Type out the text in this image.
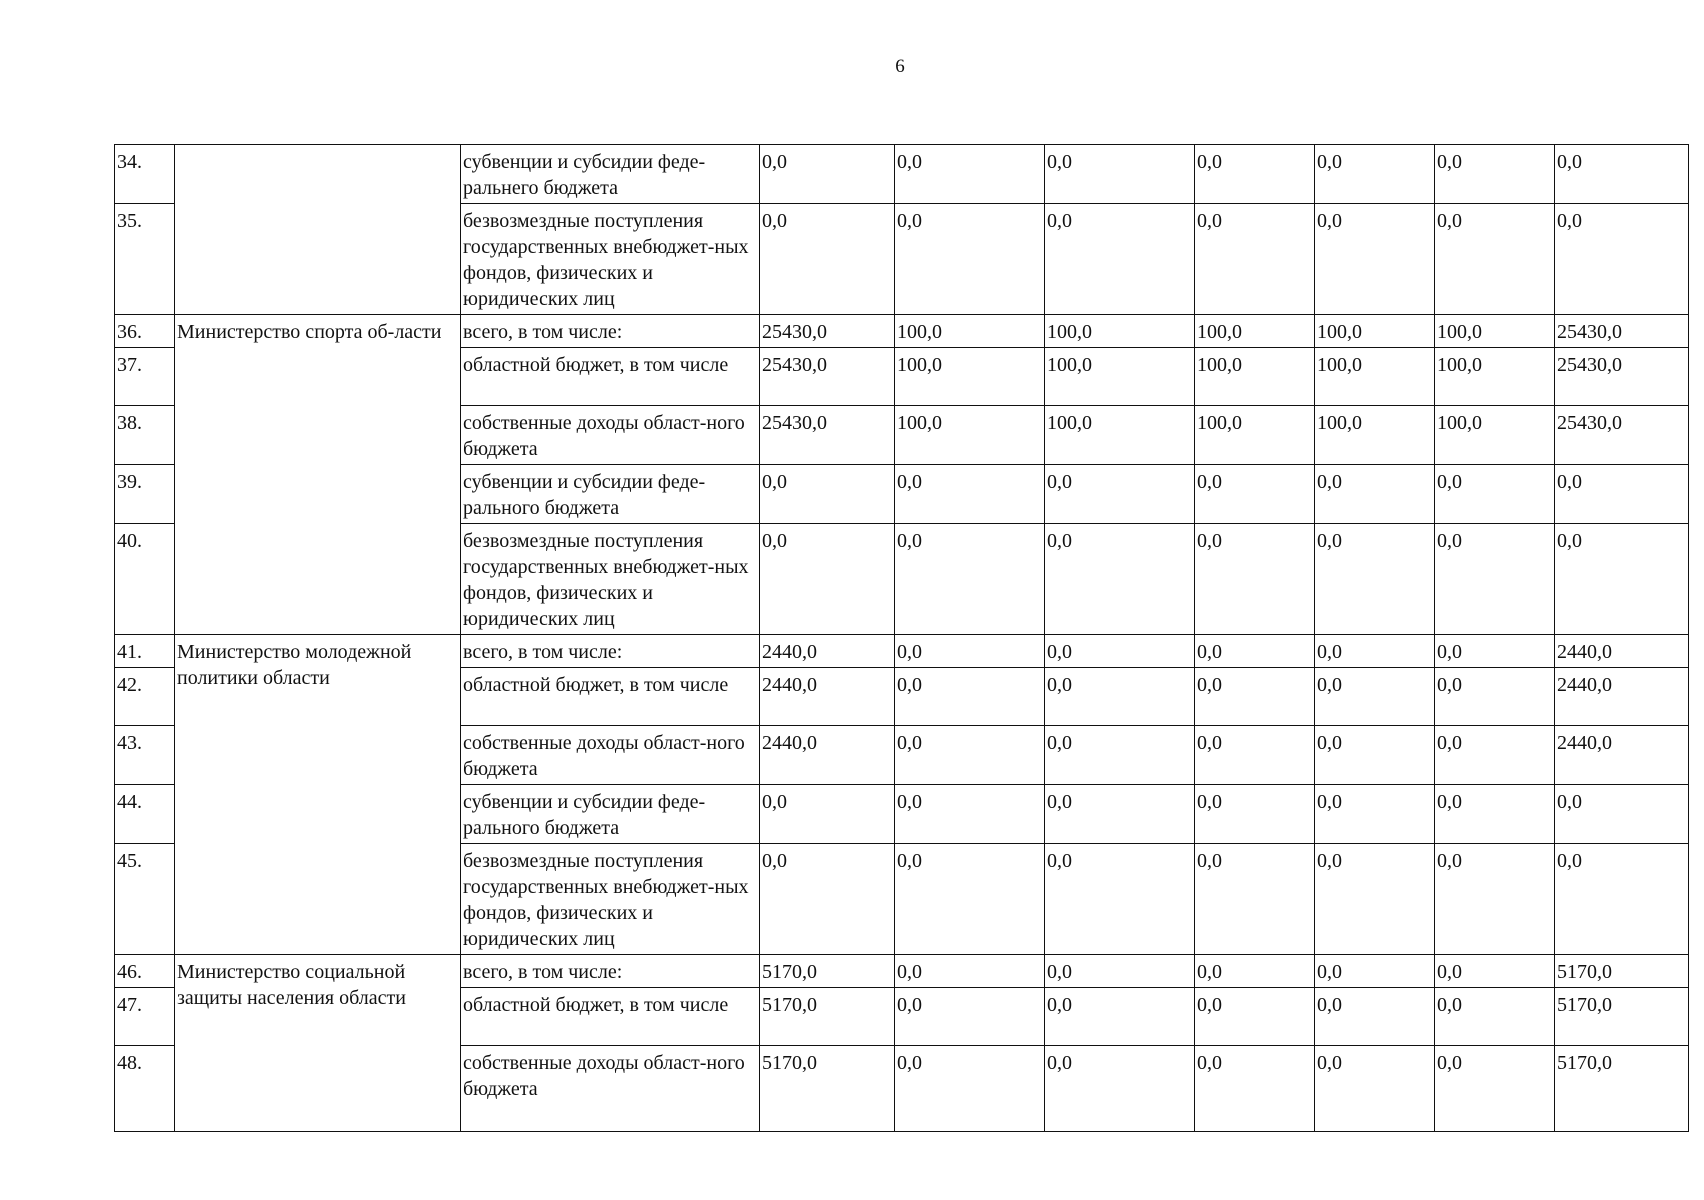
6
34.		субвенции и субсидии феде-ральнего бюджета	0,0	0,0	0,0	0,0	0,0	0,0	0,0
35.		безвозмездные поступления государственных внебюджет-ных фондов, физических и юридических лиц	0,0	0,0	0,0	0,0	0,0	0,0	0,0
36.	Министерство спорта об-ласти	всего, в том числе:	25430,0	100,0	100,0	100,0	100,0	100,0	25430,0
37.		областной бюджет, в том числе	25430,0	100,0	100,0	100,0	100,0	100,0	25430,0
38.		собственные доходы област-ного бюджета	25430,0	100,0	100,0	100,0	100,0	100,0	25430,0
39.		субвенции и субсидии феде-рального бюджета	0,0	0,0	0,0	0,0	0,0	0,0	0,0
40.		безвозмездные поступления государственных внебюджет-ных фондов, физических и юридических лиц	0,0	0,0	0,0	0,0	0,0	0,0	0,0
41.	Министерство молодежной политики области	всего, в том числе:	2440,0	0,0	0,0	0,0	0,0	0,0	2440,0
42.		областной бюджет, в том числе	2440,0	0,0	0,0	0,0	0,0	0,0	2440,0
43.		собственные доходы област-ного бюджета	2440,0	0,0	0,0	0,0	0,0	0,0	2440,0
44.		субвенции и субсидии феде-рального бюджета	0,0	0,0	0,0	0,0	0,0	0,0	0,0
45.		безвозмездные поступления государственных внебюджет-ных фондов, физических и юридических лиц	0,0	0,0	0,0	0,0	0,0	0,0	0,0
46.	Министерство социальной защиты населения области	всего, в том числе:	5170,0	0,0	0,0	0,0	0,0	0,0	5170,0
47.		областной бюджет, в том числе	5170,0	0,0	0,0	0,0	0,0	0,0	5170,0
48.		собственные доходы област-ного бюджета	5170,0	0,0	0,0	0,0	0,0	0,0	5170,0
